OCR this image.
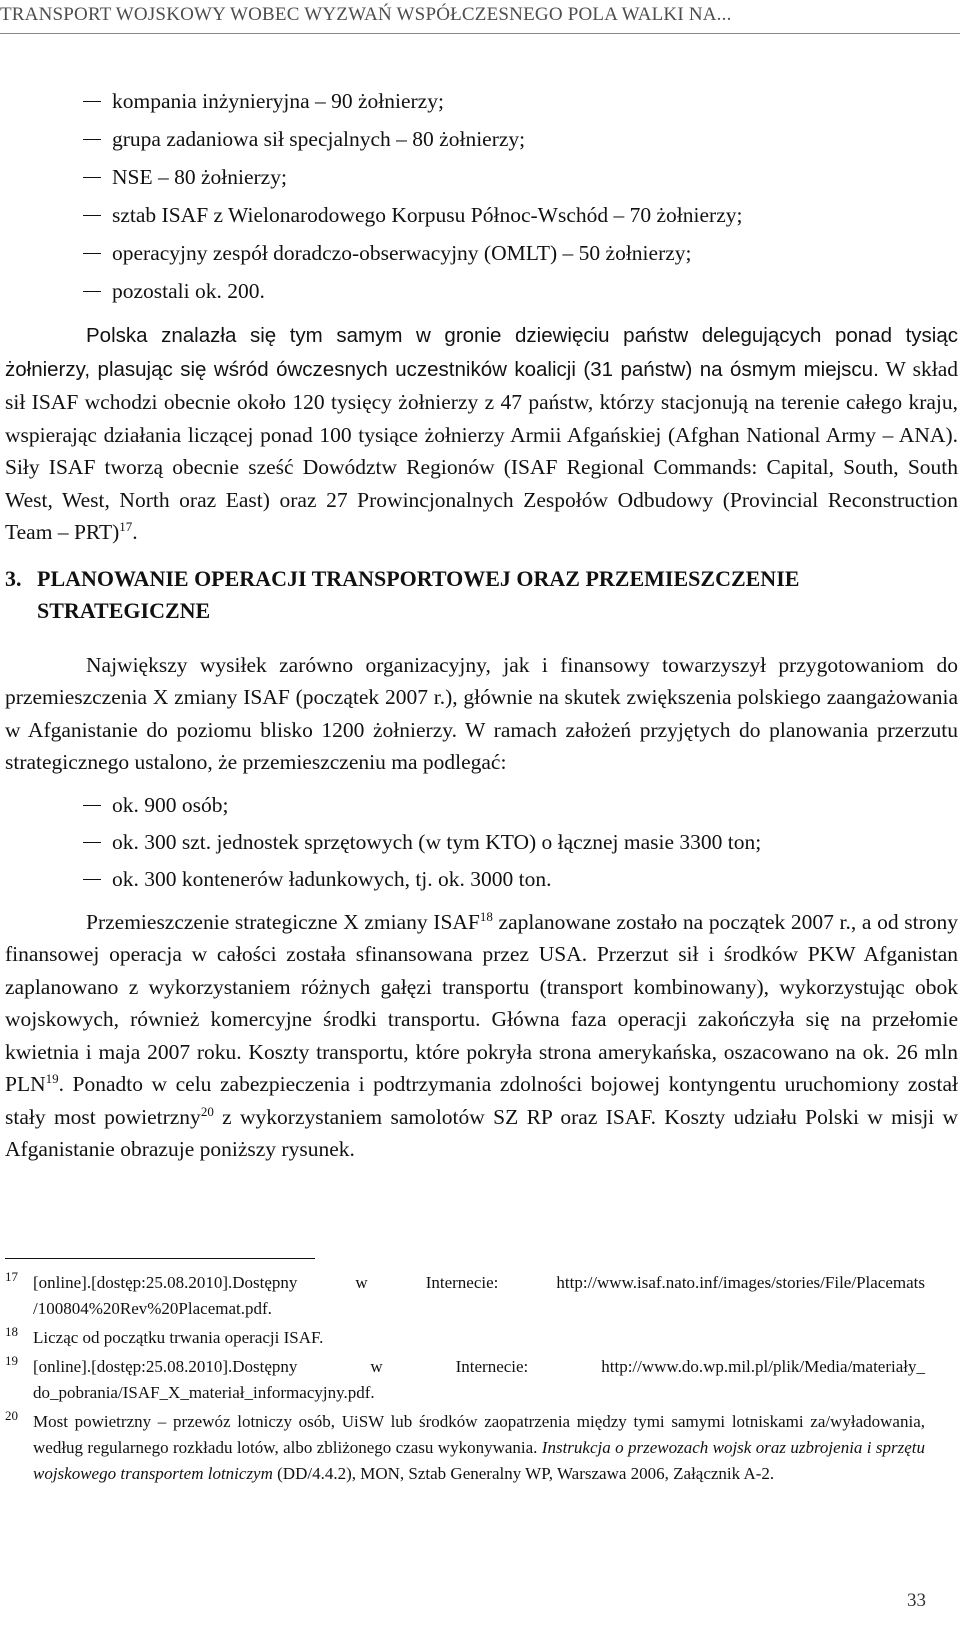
TRANSPORT WOJSKOWY WOBEC WYZWAŃ WSPÓŁCZESNEGO POLA WALKI NA...
kompania inżynieryjna – 90 żołnierzy;
grupa zadaniowa sił specjalnych – 80 żołnierzy;
NSE – 80 żołnierzy;
sztab ISAF z Wielonarodowego Korpusu Północ-Wschód – 70 żołnierzy;
operacyjny zespół doradczo-obserwacyjny (OMLT) – 50 żołnierzy;
pozostali ok. 200.

Polska znalazła się tym samym w gronie dziewięciu państw delegujących ponad tysiąc żołnierzy, plasując się wśród ówczesnych uczestników koalicji (31 państw) na ósmym miejscu. W skład sił ISAF wchodzi obecnie około 120 tysięcy żołnierzy z 47 państw, którzy stacjonują na terenie całego kraju, wspierając działania liczącej ponad 100 tysiące żołnierzy Armii Afgańskiej (Afghan National Army – ANA). Siły ISAF tworzą obecnie sześć Dowództw Regionów (ISAF Regional Commands: Capital, South, South West, West, North oraz East) oraz 27 Prowincjonalnych Zespołów Odbudowy (Provincial Reconstruction Team – PRT)$^{17}$.

3. PLANOWANIE OPERACJI TRANSPORTOWEJ ORAZ PRZEMIESZCZENIE STRATEGICZNE

Największy wysiłek zarówno organizacyjny, jak i finansowy towarzyszył przygotowaniom do przemieszczenia X zmiany ISAF (początek 2007 r.), głównie na skutek zwiększenia polskiego zaangażowania w Afganistanie do poziomu blisko 1200 żołnierzy. W ramach założeń przyjętych do planowania przerzutu strategicznego ustalono, że przemieszczeniu ma podlegać:

ok. 900 osób;
ok. 300 szt. jednostek sprzętowych (w tym KTO) o łącznej masie 3300 ton;
ok. 300 kontenerów ładunkowych, tj. ok. 3000 ton.

Przemieszczenie strategiczne X zmiany ISAF$^{18}$ zaplanowane zostało na początek 2007 r., a od strony finansowej operacja w całości została sfinansowana przez USA. Przerzut sił i środków PKW Afganistan zaplanowano z wykorzystaniem różnych gałęzi transportu (transport kombinowany), wykorzystując obok wojskowych, również komercyjne środki transportu. Główna faza operacji zakończyła się na przełomie kwietnia i maja 2007 roku. Koszty transportu, które pokryła strona amerykańska, oszacowano na ok. 26 mln PLN$^{19}$. Ponadto w celu zabezpieczenia i podtrzymania zdolności bojowej kontyngentu uruchomiony został stały most powietrzny$^{20}$ z wykorzystaniem samolotów SZ RP oraz ISAF. Koszty udziału Polski w misji w Afganistanie obrazuje poniższy rysunek.

17 [online].[dostęp:25.08.2010].Dostępny w Internecie: http://www.isaf.nato.inf/images/stories/File/Placemats /100804%20Rev%20Placemat.pdf.
18 Licząc od początku trwania operacji ISAF.
19 [online].[dostęp:25.08.2010].Dostępny w Internecie: http://www.do.wp.mil.pl/plik/Media/materiały_ do_pobrania/ISAF_X_materiał_informacyjny.pdf.
20 Most powietrzny – przewóz lotniczy osób, UiSW lub środków zaopatrzenia między tymi samymi lotniskami za/wyładowania, według regularnego rozkładu lotów, albo zbliżonego czasu wykonywania. Instrukcja o przewozach wojsk oraz uzbrojenia i sprzętu wojskowego transportem lotniczym (DD/4.4.2), MON, Sztab Generalny WP, Warszawa 2006, Załącznik A-2.
33
